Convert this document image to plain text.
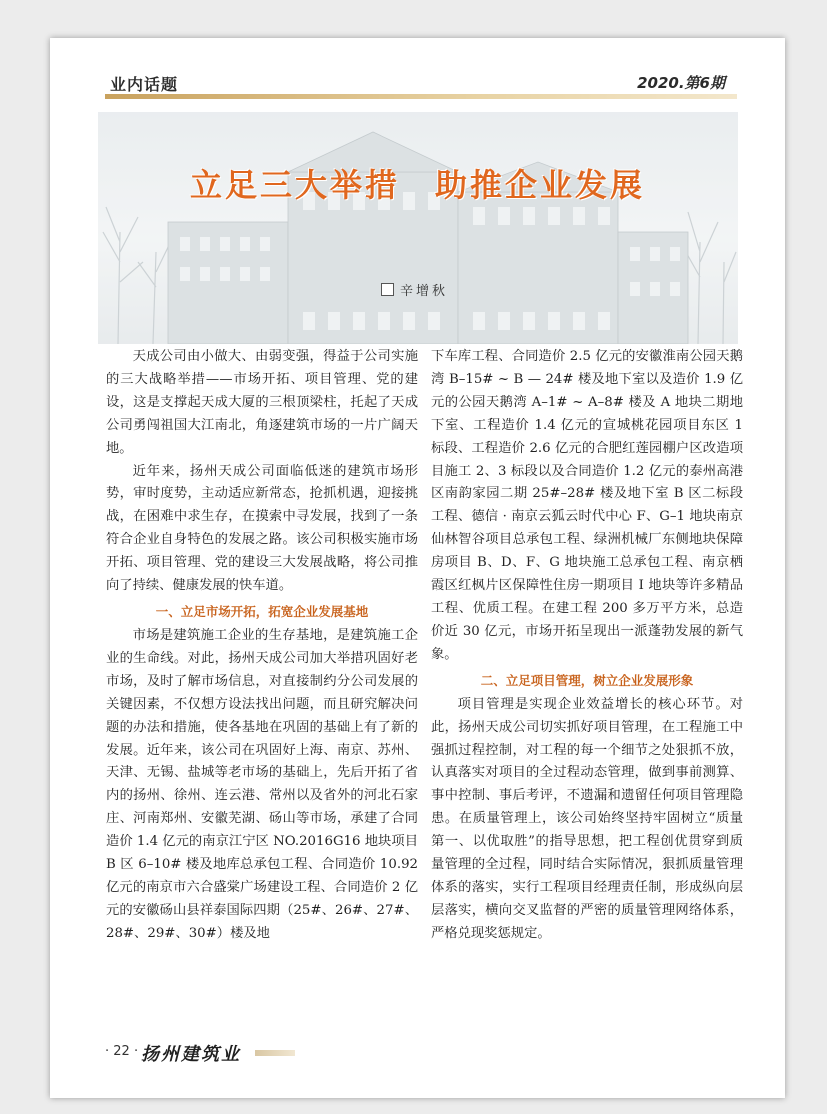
业内话题	2020.第6期
立足三大举措　助推企业发展
辛增秋

天成公司由小做大、由弱变强，得益于公司实施的三大战略举措——市场开拓、项目管理、党的建设，这是支撑起天成大厦的三根顶梁柱，托起了天成公司勇闯祖国大江南北，角逐建筑市场的一片广阔天地。

近年来，扬州天成公司面临低迷的建筑市场形势，审时度势，主动适应新常态，抢抓机遇，迎接挑战，在困难中求生存，在摸索中寻发展，找到了一条符合企业自身特色的发展之路。该公司积极实施市场开拓、项目管理、党的建设三大发展战略，将公司推向了持续、健康发展的快车道。

一、立足市场开拓，拓宽企业发展基地

市场是建筑施工企业的生存基地，是建筑施工企业的生命线。对此，扬州天成公司加大举措巩固好老市场，及时了解市场信息，对直接制约分公司发展的关键因素，不仅想方设法找出问题，而且研究解决问题的办法和措施，使各基地在巩固的基础上有了新的发展。近年来，该公司在巩固好上海、南京、苏州、天津、无锡、盐城等老市场的基础上，先后开拓了省内的扬州、徐州、连云港、常州以及省外的河北石家庄、河南郑州、安徽芜湖、砀山等市场，承建了合同造价 1.4 亿元的南京江宁区 NO.2016G16 地块项目 B 区 6–10# 楼及地库总承包工程、合同造价 10.92 亿元的南京市六合盛棠广场建设工程、合同造价 2 亿元的安徽砀山县祥泰国际四期（25#、26#、27#、28#、29#、30#）楼及地

下车库工程、合同造价 2.5 亿元的安徽淮南公园天鹅湾 B–15# ~ B — 24# 楼及地下室以及造价 1.9 亿元的公园天鹅湾 A–1# ~ A–8# 楼及 A 地块二期地下室、工程造价 1.4 亿元的宣城桃花园项目东区 1 标段、工程造价 2.6 亿元的合肥红莲园棚户区改造项目施工 2、3 标段以及合同造价 1.2 亿元的泰州高港区南韵家园二期 25#–28# 楼及地下室 B 区二标段工程、德信 · 南京云狐云时代中心 F、G–1 地块南京仙林智谷项目总承包工程、绿洲机械厂东侧地块保障房项目 B、D、F、G 地块施工总承包工程、南京栖霞区红枫片区保障性住房一期项目 I 地块等许多精品工程、优质工程。在建工程 200 多万平方米，总造价近 30 亿元，市场开拓呈现出一派蓬勃发展的新气象。

二、立足项目管理，树立企业发展形象

项目管理是实现企业效益增长的核心环节。对此，扬州天成公司切实抓好项目管理，在工程施工中强抓过程控制，对工程的每一个细节之处狠抓不放，认真落实对项目的全过程动态管理，做到事前测算、事中控制、事后考评，不遗漏和遗留任何项目管理隐患。在质量管理上，该公司始终坚持牢固树立“质量第一、以优取胜”的指导思想，把工程创优贯穿到质量管理的全过程，同时结合实际情况，狠抓质量管理体系的落实，实行工程项目经理责任制，形成纵向层层落实，横向交叉监督的严密的质量管理网络体系，严格兑现奖惩规定。

· 22 · 扬州建筑业
